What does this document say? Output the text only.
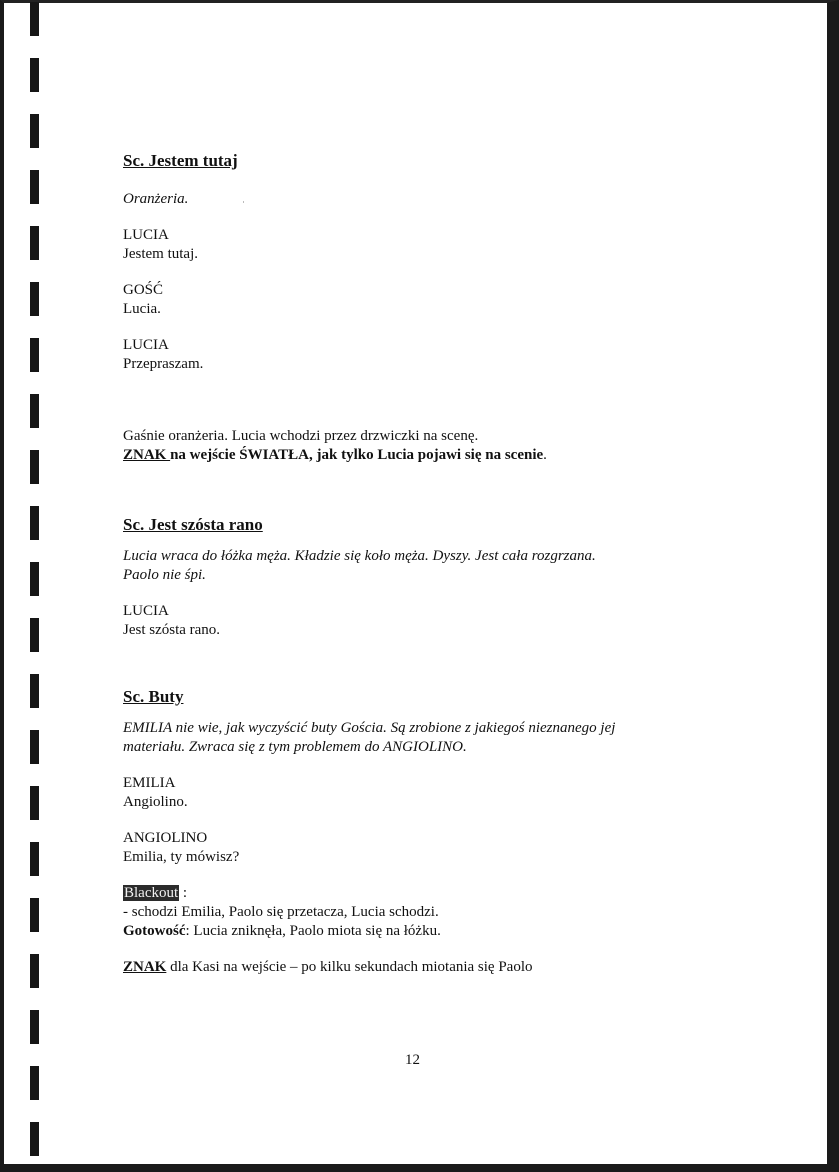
Sc. Jestem tutaj

Oranżeria.

LUCIA

Jestem tutaj.

GOŚĆ

Lucia.

LUCIA

Przepraszam.

Gaśnie oranżeria. Lucia wchodzi przez drzwiczki na scenę.

ZNAK na wejście ŚWIATŁA, jak tylko Lucia pojawi się na scenie.

Sc. Jest szósta rano

Lucia wraca do łóżka męża. Kładzie się koło męża. Dyszy. Jest cała rozgrzana.

Paolo nie śpi.

LUCIA

Jest szósta rano.

Sc. Buty

EMILIA nie wie, jak wyczyścić buty Gościa. Są zrobione z jakiegoś nieznanego jej

materiału. Zwraca się z tym problemem do ANGIOLINO.

EMILIA

Angiolino.

ANGIOLINO

Emilia, ty mówisz?

Blackout :

- schodzi Emilia, Paolo się przetacza, Lucia schodzi.

Gotowość: Lucia zniknęła, Paolo miota się na łóżku.

ZNAK dla Kasi na wejście – po kilku sekundach miotania się Paolo

12
